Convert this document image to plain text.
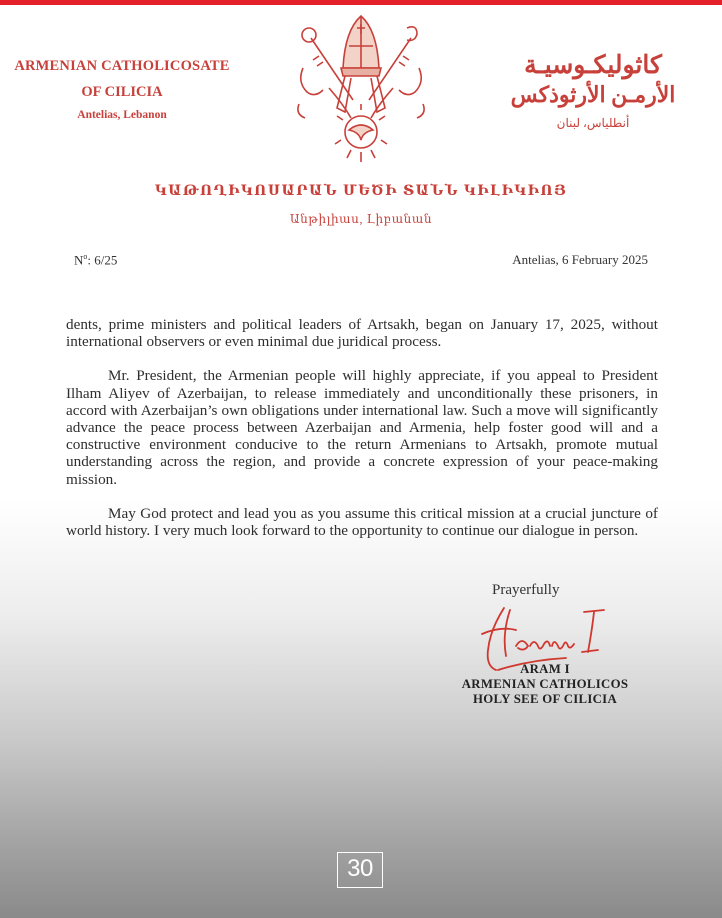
ARMENIAN CATHOLICOSATE
OF CILICIA
Antelias, Lebanon
كاثوليكـوسيـة
الأرمـن الأرثوذكس
أنطلياس، لبنان
ԿԱԹՈՂԻԿՈՍԱՐԱՆ ՄԵԾԻ ՏԱՆՆ ԿԻԼԻԿԻՈՅ
Անթիլիաս, Լիբանան
$N^o$: 6/25	Antelias, 6 February 2025

dents, prime ministers and political leaders of Artsakh, began on January 17, 2025, without international observers or even minimal due juridical process.

Mr. President, the Armenian people will highly appreciate, if you appeal to President Ilham Aliyev of Azerbaijan, to release immediately and unconditionally these prisoners, in accord with Azerbaijan’s own obligations under international law. Such a move will significantly advance the peace process between Azerbaijan and Armenia, help foster good will and a constructive environment conducive to the return Armenians to Artsakh, promote mutual understanding across the region, and provide a concrete expression of your peace-making mission.

May God protect and lead you as you assume this critical mission at a crucial juncture of world history. I very much look forward to the opportunity to continue our dialogue in person.

Prayerfully
ARAM I
ARMENIAN CATHOLICOS
HOLY SEE OF CILICIA
30
